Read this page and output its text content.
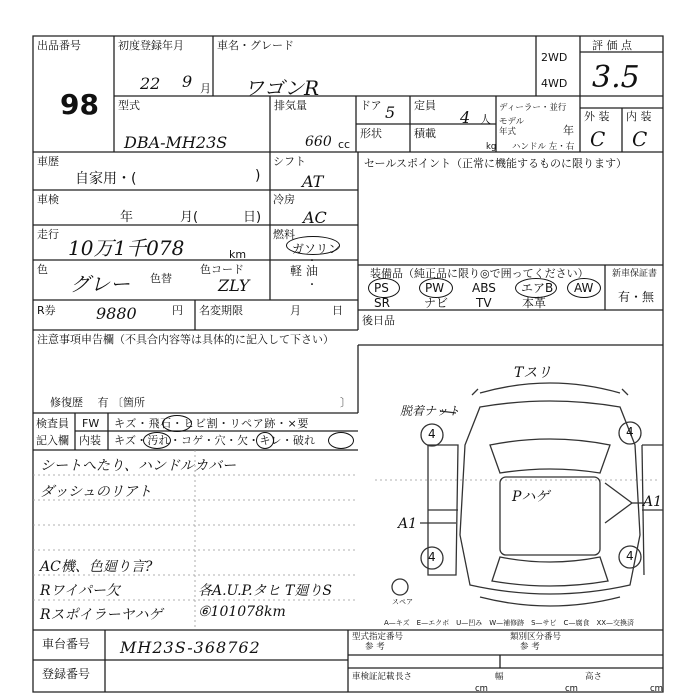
出品番号
98
初度登録年月
22 9 月
車名・グレード
ワゴンR
2WD
4WD
評 価 点
3.5
型式
DBA-MH23S
排気量
660 cc
ドア 5 定員
4 人
形状	積載
kg
ディーラー・並行
モデル年式	年
ハンドル 左・右
外 装 内 装
C C
車歴
自家用・(	)
シフト
AT
セールスポイント（正常に機能するものに限ります）
車検
年	月(	日)
冷房
AC
走行
10万1千078	km
燃料
ガソリン
・
軽 油
・
色
グレー 色替
色コード
ZLY
R券	9880	円 名変期限	月	日
装備品（純正品に限り◎で囲ってください）	新車保証書
有・無
PS	PW ABS エアB AW
SR	ナビ TV	本革
後日品
注意事項申告欄（不具合内容等は具体的に記入して下さい）
修復歴　 有 〔箇所	〕
検査員
記入欄
FW
内装
キズ・飛石・ヒビ割・リペア跡・×要
キズ・汚れ・コゲ・穴・欠・キレ・破れ
シートへたり、ハンドルカバー
ダッシュのリアト
AC機、色廻り言?
Rワイパー欠
Rスポイラーヤハゲ
各A.U.P.タヒ T廻りS
⑥101078km
Tスリ
脱着ナット
Pハゲ	A1
A1
4	4
4	4
スペア
A—キズ　E—エクボ　U—凹み　W—補修跡　S—サビ　C—腐食　XX—交換済
車台番号 MH23S-368762
登録番号
型式指定番号
参 考
類別区分番号
参 考
車検証記載 長さ
cm
幅
cm
高さ
cm
